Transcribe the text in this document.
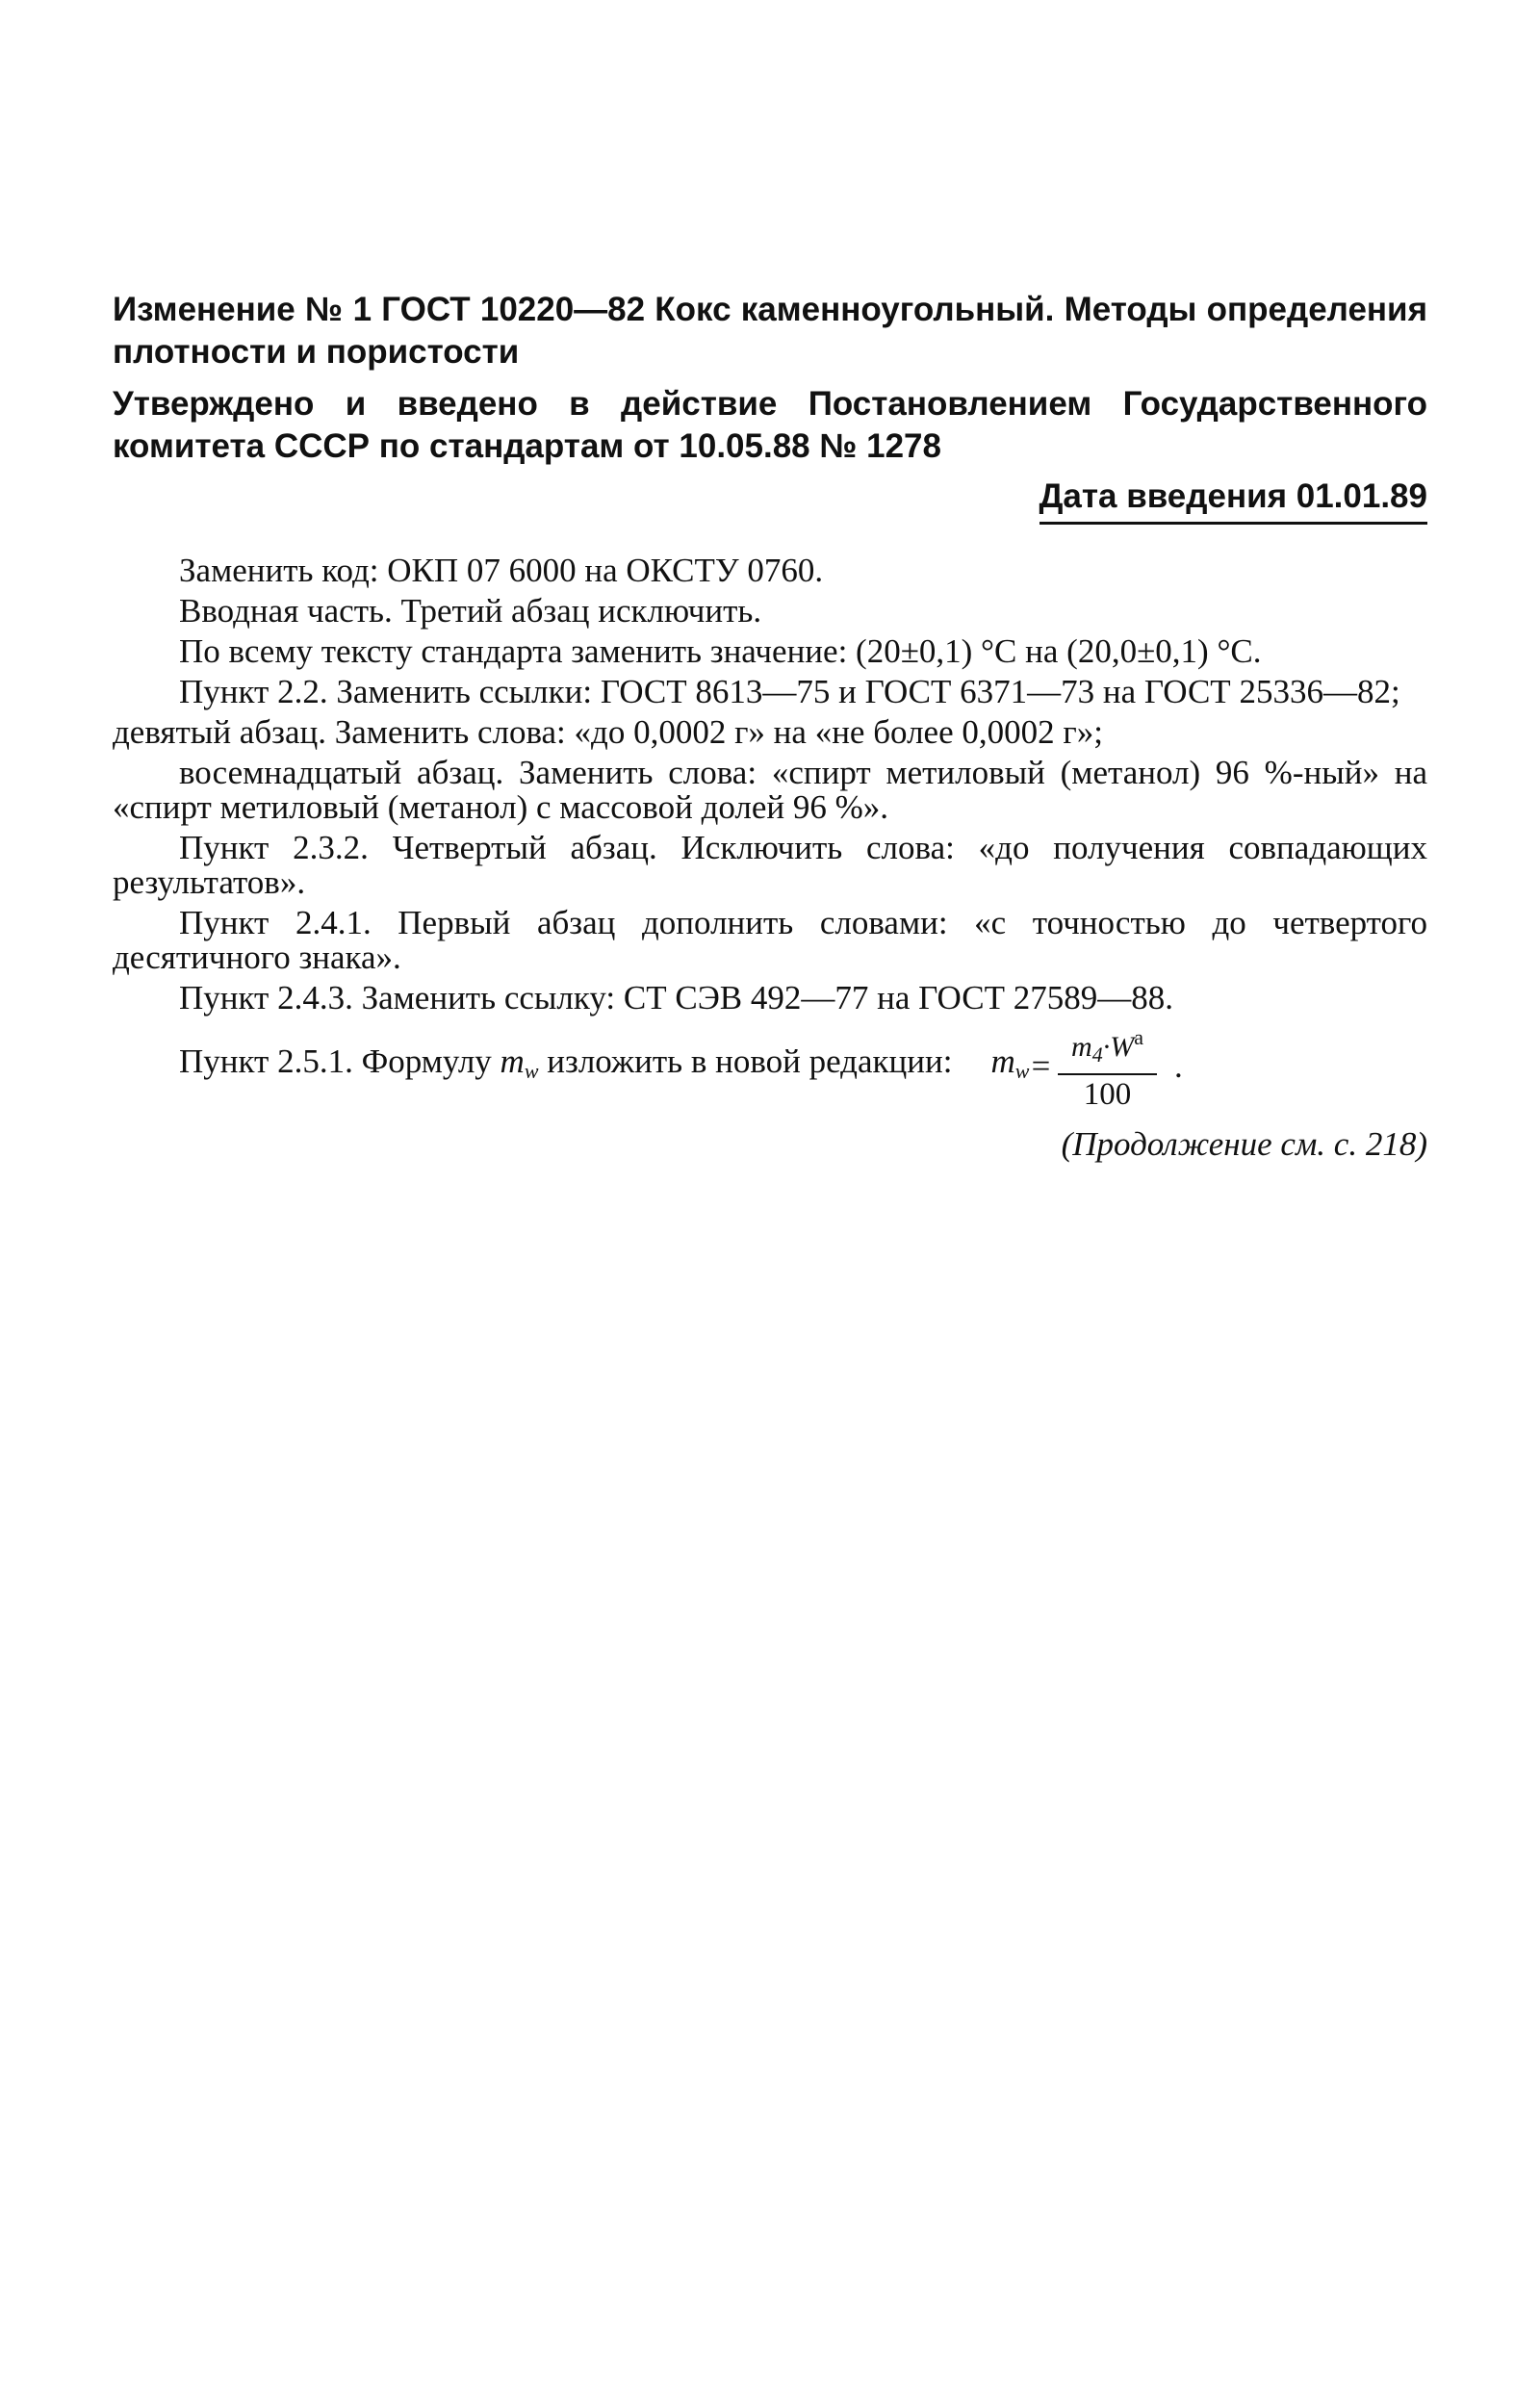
Изменение № 1 ГОСТ 10220—82 Кокс каменноугольный. Методы определения плотности и пористости

Утверждено и введено в действие Постановлением Государственного комитета СССР по стандартам от 10.05.88 № 1278

Дата введения 01.01.89

Заменить код: ОКП 07 6000 на ОКСТУ 0760.

Вводная часть. Третий абзац исключить.

По всему тексту стандарта заменить значение: (20±0,1) °С на (20,0±0,1) °С.

Пункт 2.2. Заменить ссылки: ГОСТ 8613—75 и ГОСТ 6371—73 на ГОСТ 25336—82;

девятый абзац. Заменить слова: «до 0,0002 г» на «не более 0,0002 г»;

восемнадцатый абзац. Заменить слова: «спирт метиловый (метанол) 96 %-ный» на «спирт метиловый (метанол) с массовой долей 96 %».

Пункт 2.3.2. Четвертый абзац. Исключить слова: «до получения совпадающих результатов».

Пункт 2.4.1. Первый абзац дополнить словами: «с точностью до четвертого десятичного знака».

Пункт 2.4.3. Заменить ссылку: СТ СЭВ 492—77 на ГОСТ 27589—88.

Пункт 2.5.1. Формулу $m_w$ изложить в новой редакции: $m_w = \frac{m_4\cdot W^a}{100}$ .

(Продолжение см. с. 218)
